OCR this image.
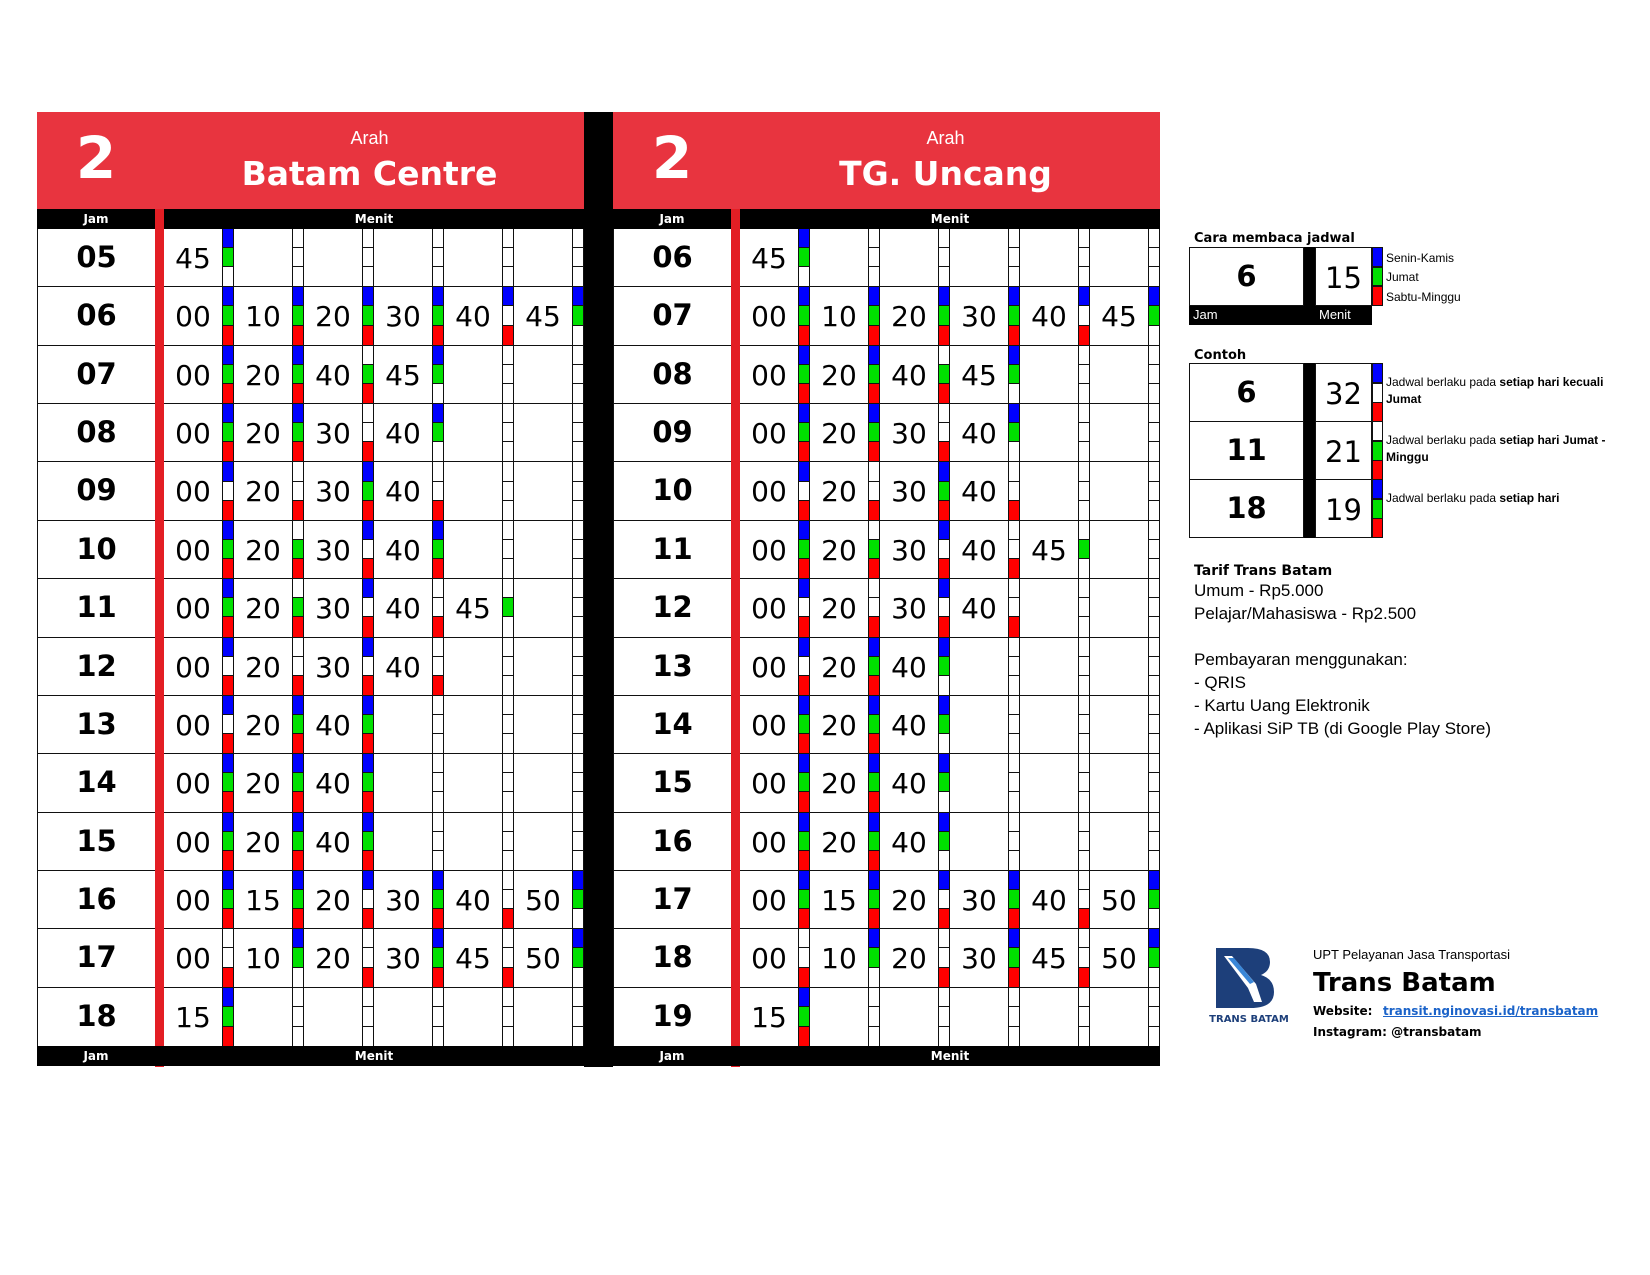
2	Arah
Batam Centre
Jam	Menit
05	45
06	00	10	20	30	40	45
07	00	20	40	45
08	00	20	30	40
09	00	20	30	40
10	00	20	30	40
11	00	20	30	40	45
12	00	20	30	40
13	00	20	40
14	00	20	40
15	00	20	40
16	00	15	20	30	40	50
17	00	10	20	30	45	50
18	15
Jam	Menit
2	Arah
TG. Uncang
Jam	Menit
06	45
07	00	10	20	30	40	45
08	00	20	40	45
09	00	20	30	40
10	00	20	30	40
11	00	20	30	40	45
12	00	20	30	40
13	00	20	40
14	00	20	40
15	00	20	40
16	00	20	40
17	00	15	20	30	40	50
18	00	10	20	30	45	50
19	15
Jam	Menit
Cara membaca jadwal
6
Jam
15
Menit
Senin-Kamis
Jumat
Sabtu-Minggu
Contoh
6	32	Jadwal berlaku pada setiap hari kecuali Jumat
11	21	Jadwal berlaku pada setiap hari Jumat - Minggu
18	19	Jadwal berlaku pada setiap hari
Tarif Trans Batam
Umum - Rp5.000
Pelajar/Mahasiswa - Rp2.500
Pembayaran menggunakan:
- QRIS
- Kartu Uang Elektronik
- Aplikasi SiP TB (di Google Play Store)
TRANS BATAM
UPT Pelayanan Jasa Transportasi
Trans Batam
Website: transit.nginovasi.id/transbatam
Instagram: @transbatam
